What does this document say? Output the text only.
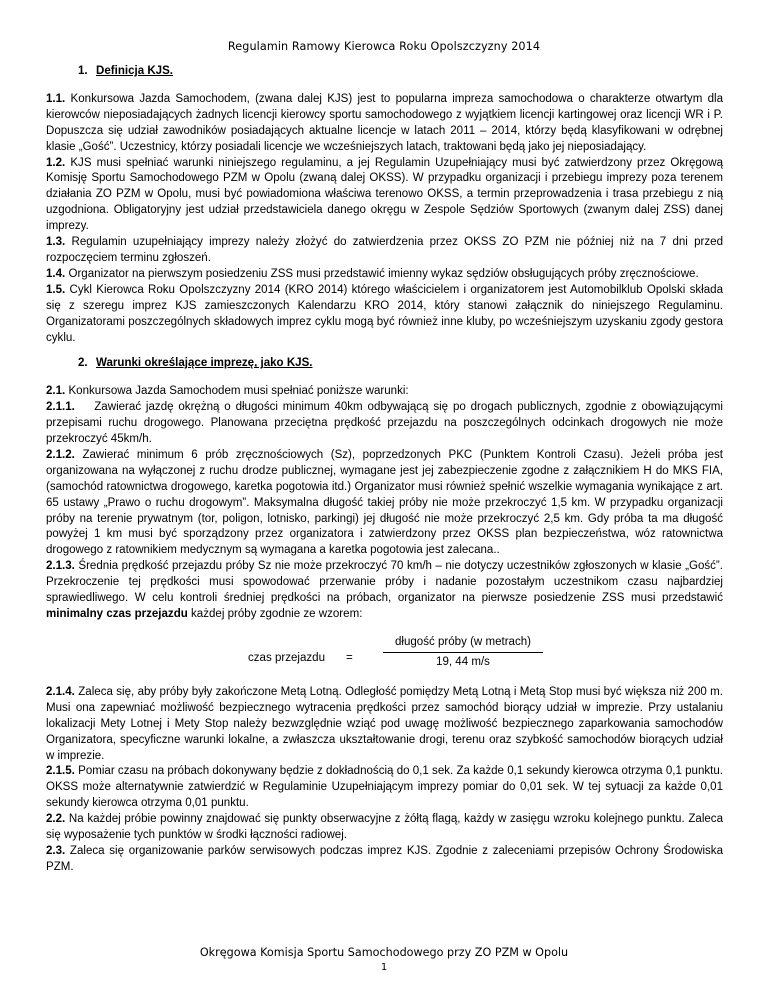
Regulamin Ramowy Kierowca Roku Opolszczyzny 2014

1. Definicja KJS.

1.1. Konkursowa Jazda Samochodem, (zwana dalej KJS) jest to popularna impreza samochodowa o charakterze otwartym dla kierowców nieposiadających żadnych licencji kierowcy sportu samochodowego z wyjątkiem licencji kartingowej oraz licencji WR i P. Dopuszcza się udział zawodników posiadających aktualne licencje w latach 2011 – 2014, którzy będą klasyfikowani w odrębnej klasie „Gość”. Uczestnicy, którzy posiadali licencje we wcześniejszych latach, traktowani będą jako jej nieposiadający.

1.2. KJS musi spełniać warunki niniejszego regulaminu, a jej Regulamin Uzupełniający musi być zatwierdzony przez Okręgową Komisję Sportu Samochodowego PZM w Opolu (zwaną dalej OKSS). W przypadku organizacji i przebiegu imprezy poza terenem działania ZO PZM w Opolu, musi być powiadomiona właściwa terenowo OKSS, a termin przeprowadzenia i trasa przebiegu z nią uzgodniona. Obligatoryjny jest udział przedstawiciela danego okręgu w Zespole Sędziów Sportowych (zwanym dalej ZSS) danej imprezy.

1.3. Regulamin uzupełniający imprezy należy złożyć do zatwierdzenia przez OKSS ZO PZM nie później niż na 7 dni przed rozpoczęciem terminu zgłoszeń.

1.4. Organizator na pierwszym posiedzeniu ZSS musi przedstawić imienny wykaz sędziów obsługujących próby zręcznościowe.

1.5. Cykl Kierowca Roku Opolszczyzny 2014 (KRO 2014) którego właścicielem i organizatorem jest Automobilklub Opolski składa się z szeregu imprez KJS zamieszczonych Kalendarzu KRO 2014, który stanowi załącznik do niniejszego Regulaminu. Organizatorami poszczególnych składowych imprez cyklu mogą być również inne kluby, po wcześniejszym uzyskaniu zgody gestora cyklu.

2. Warunki określające imprezę, jako KJS.

2.1. Konkursowa Jazda Samochodem musi spełniać poniższe warunki:

2.1.1.    Zawierać jazdę okrężną o długości minimum 40km odbywającą się po drogach publicznych, zgodnie z obowiązującymi przepisami ruchu drogowego. Planowana przeciętna prędkość przejazdu na poszczególnych odcinkach drogowych nie może przekroczyć 45km/h.

2.1.2. Zawierać minimum 6 prób zręcznościowych (Sz), poprzedzonych PKC (Punktem Kontroli Czasu). Jeżeli próba jest organizowana na wyłączonej z ruchu drodze publicznej, wymagane jest jej zabezpieczenie zgodne z załącznikiem H do MKS FIA, (samochód ratownictwa drogowego, karetka pogotowia itd.) Organizator musi również spełnić wszelkie wymagania wynikające z art. 65 ustawy „Prawo o ruchu drogowym”. Maksymalna długość takiej próby nie może przekroczyć 1,5 km. W przypadku organizacji próby na terenie prywatnym (tor, poligon, lotnisko, parkingi) jej długość nie może przekroczyć 2,5 km. Gdy próba ta ma długość powyżej 1 km musi być sporządzony przez organizatora i zatwierdzony przez OKSS plan bezpieczeństwa, wóz ratownictwa drogowego z ratownikiem medycznym są wymagana a karetka pogotowia jest zalecana..

2.1.3. Średnia prędkość przejazdu próby Sz nie może przekroczyć 70 km/h – nie dotyczy uczestników zgłoszonych w klasie „Gość”. Przekroczenie tej prędkości musi spowodować przerwanie próby i nadanie pozostałym uczestnikom czasu najbardziej sprawiedliwego. W celu kontroli średniej prędkości na próbach, organizator na pierwsze posiedzenie ZSS musi przedstawić minimalny czas przejazdu każdej próby zgodnie ze wzorem:

czas przejazdu =
długość próby (w metrach)
19, 44 m/s

2.1.4. Zaleca się, aby próby były zakończone Metą Lotną. Odległość pomiędzy Metą Lotną i Metą Stop musi być większa niż 200 m. Musi ona zapewniać możliwość bezpiecznego wytracenia prędkości przez samochód biorący udział w imprezie. Przy ustalaniu lokalizacji Mety Lotnej i Mety Stop należy bezwzględnie wziąć pod uwagę możliwość bezpiecznego zaparkowania samochodów Organizatora, specyficzne warunki lokalne, a zwłaszcza ukształtowanie drogi, terenu oraz szybkość samochodów biorących udział w imprezie.

2.1.5. Pomiar czasu na próbach dokonywany będzie z dokładnością do 0,1 sek. Za każde 0,1 sekundy kierowca otrzyma 0,1 punktu. OKSS może alternatywnie zatwierdzić w Regulaminie Uzupełniającym imprezy pomiar do 0,01 sek. W tej sytuacji za każde 0,01 sekundy kierowca otrzyma 0,01 punktu.

2.2. Na każdej próbie powinny znajdować się punkty obserwacyjne z żółtą flagą, każdy w zasięgu wzroku kolejnego punktu. Zaleca się wyposażenie tych punktów w środki łączności radiowej.

2.3. Zaleca się organizowanie parków serwisowych podczas imprez KJS. Zgodnie z zaleceniami przepisów Ochrony Środowiska PZM.

Okręgowa Komisja Sportu Samochodowego przy ZO PZM w Opolu
1
